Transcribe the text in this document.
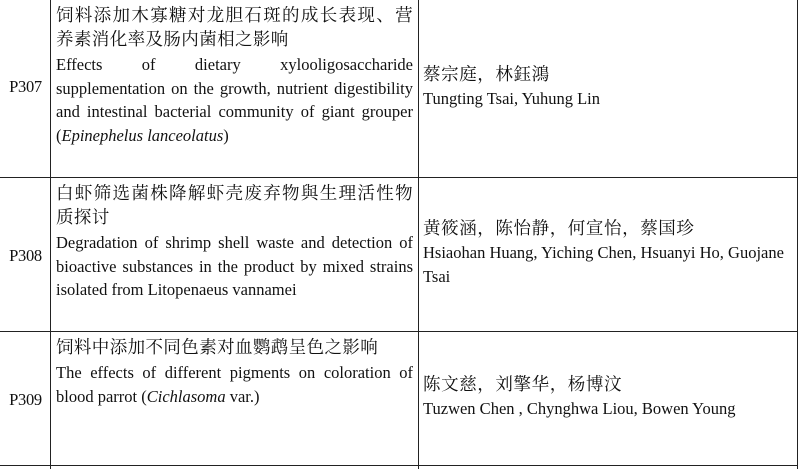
P307

饲料添加木寡糖对龙胆石斑的成长表现、营养素消化率及肠内菌相之影响

Effects of dietary xylooligosaccharide supplementation on the growth, nutrient digestibility and intestinal bacterial community of giant grouper (Epinephelus lanceolatus)

蔡宗庭，林鈺鴻

Tungting Tsai, Yuhung Lin

P308

白虾筛选菌株降解虾壳废弃物與生理活性物质探讨

Degradation of shrimp shell waste and detection of bioactive substances in the product by mixed strains isolated from Litopenaeus vannamei

黄筱涵，陈怡静，何宣怡，蔡国珍

Hsiaohan Huang, Yiching Chen, Hsuanyi Ho, Guojane Tsai

P309

饲料中添加不同色素对血鹦鹉呈色之影响

The effects of different pigments on coloration of blood parrot (Cichlasoma var.)

陈文慈，刘擎华，杨博汶

Tuzwen Chen , Chynghwa Liou, Bowen Young
